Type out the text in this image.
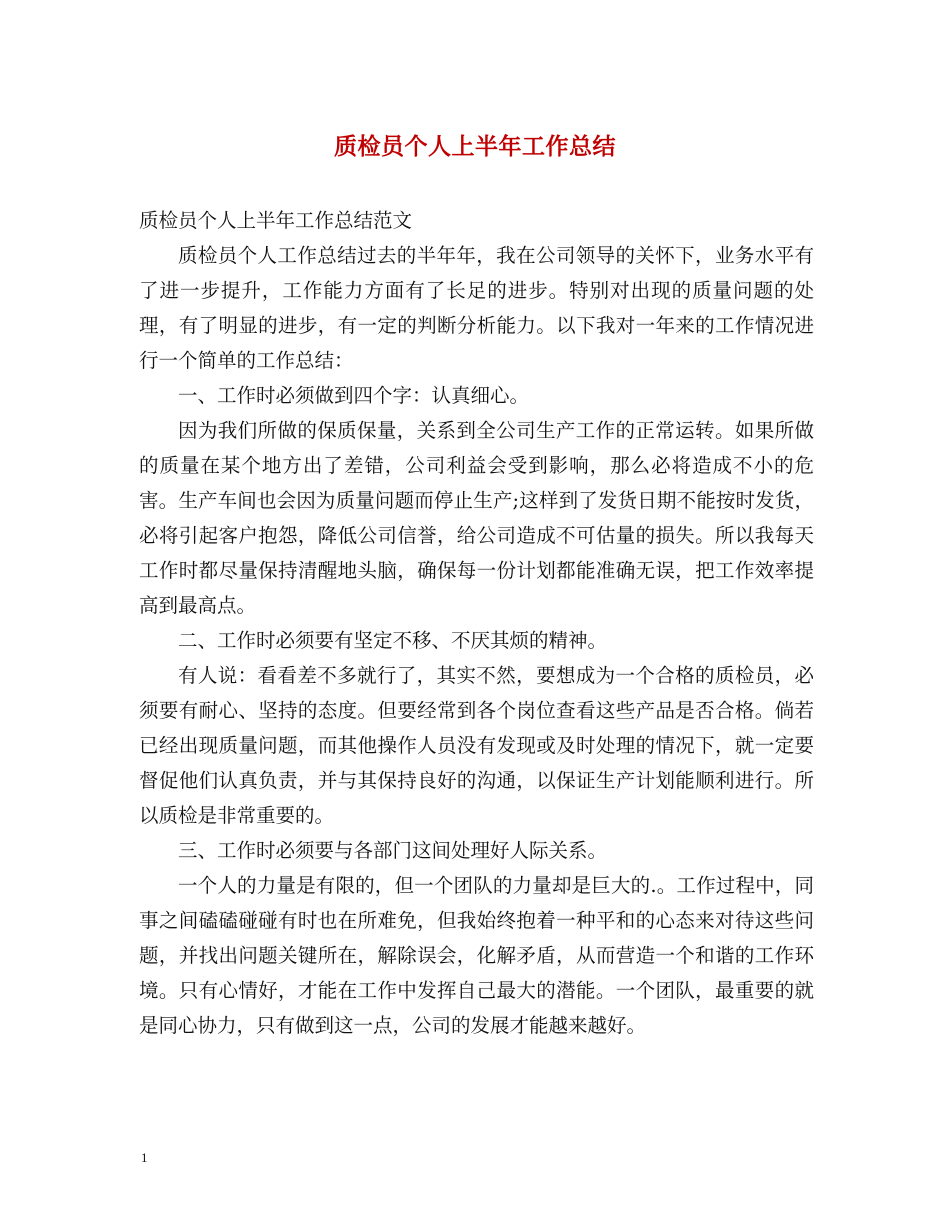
质检员个人上半年工作总结

质检员个人上半年工作总结范文

质检员个人工作总结过去的半年年，我在公司领导的关怀下，业务水平有了进一步提升，工作能力方面有了长足的进步。特别对出现的质量问题的处理，有了明显的进步，有一定的判断分析能力。以下我对一年来的工作情况进行一个简单的工作总结：

一、工作时必须做到四个字：认真细心。

因为我们所做的保质保量，关系到全公司生产工作的正常运转。如果所做的质量在某个地方出了差错，公司利益会受到影响，那么必将造成不小的危害。生产车间也会因为质量问题而停止生产;这样到了发货日期不能按时发货，必将引起客户抱怨，降低公司信誉，给公司造成不可估量的损失。所以我每天工作时都尽量保持清醒地头脑，确保每一份计划都能准确无误，把工作效率提高到最高点。

二、工作时必须要有坚定不移、不厌其烦的精神。

有人说：看看差不多就行了，其实不然，要想成为一个合格的质检员，必须要有耐心、坚持的态度。但要经常到各个岗位查看这些产品是否合格。倘若已经出现质量问题，而其他操作人员没有发现或及时处理的情况下，就一定要督促他们认真负责，并与其保持良好的沟通，以保证生产计划能顺利进行。所以质检是非常重要的。

三、工作时必须要与各部门这间处理好人际关系。

一个人的力量是有限的，但一个团队的力量却是巨大的.。工作过程中，同事之间磕磕碰碰有时也在所难免，但我始终抱着一种平和的心态来对待这些问题，并找出问题关键所在，解除误会，化解矛盾，从而营造一个和谐的工作环境。只有心情好，才能在工作中发挥自己最大的潜能。一个团队，最重要的就是同心协力，只有做到这一点，公司的发展才能越来越好。

1
